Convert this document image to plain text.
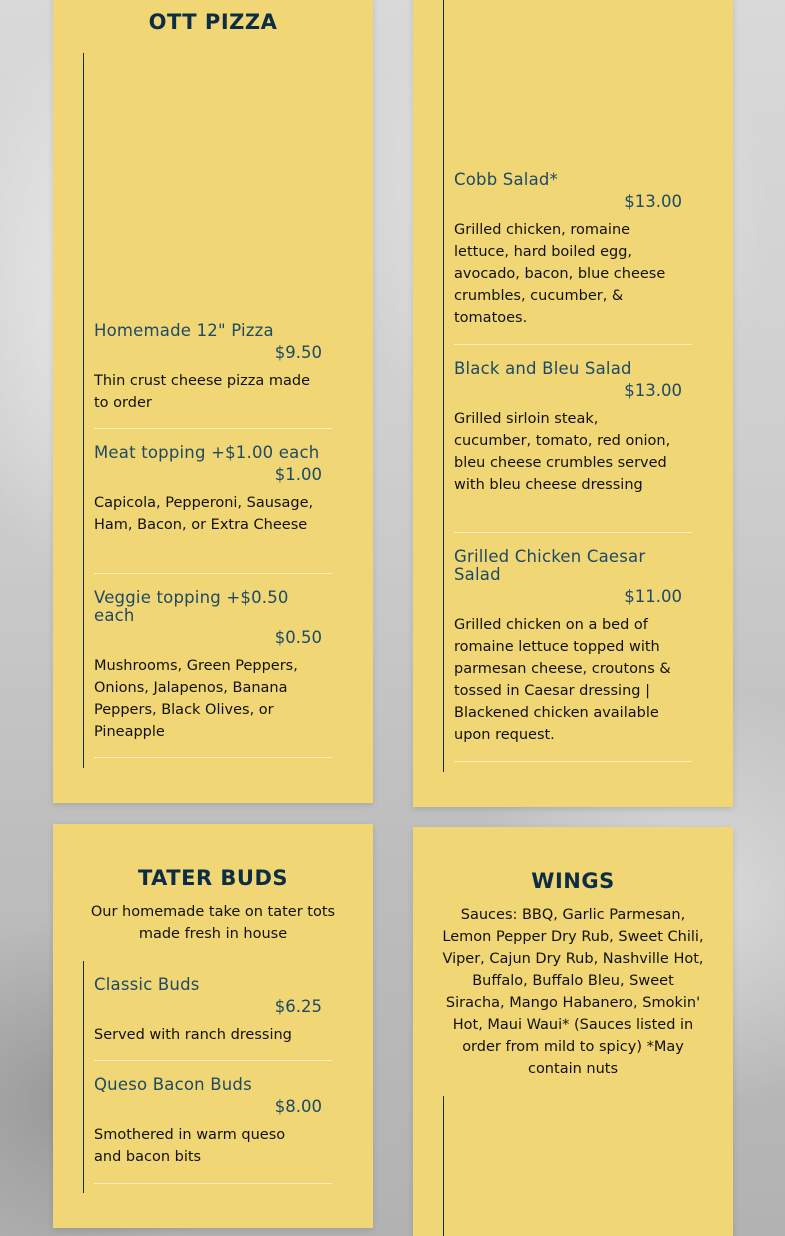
OTT PIZZA
Homemade 12" Pizza
$9.50
Thin crust cheese pizza made to order
Meat topping +$1.00 each
$1.00
Capicola, Pepperoni, Sausage, Ham, Bacon, or Extra Cheese
Veggie topping +$0.50 each
$0.50
Mushrooms, Green Peppers, Onions, Jalapenos, Banana Peppers, Black Olives, or Pineapple
Cobb Salad*
$13.00
Grilled chicken, romaine lettuce, hard boiled egg, avocado, bacon, blue cheese crumbles, cucumber, & tomatoes.
Black and Bleu Salad
$13.00
Grilled sirloin steak, cucumber, tomato, red onion, bleu cheese crumbles served with bleu cheese dressing
Grilled Chicken Caesar Salad
$11.00
Grilled chicken on a bed of romaine lettuce topped with parmesan cheese, croutons & tossed in Caesar dressing | Blackened chicken available upon request.
TATER BUDS
Our homemade take on tater tots made fresh in house
Classic Buds
$6.25
Served with ranch dressing
Queso Bacon Buds
$8.00
Smothered in warm queso and bacon bits
WINGS
Sauces: BBQ, Garlic Parmesan, Lemon Pepper Dry Rub, Sweet Chili, Viper, Cajun Dry Rub, Nashville Hot, Buffalo, Buffalo Bleu, Sweet Siracha, Mango Habanero, Smokin' Hot, Maui Waui* (Sauces listed in order from mild to spicy) *May contain nuts
